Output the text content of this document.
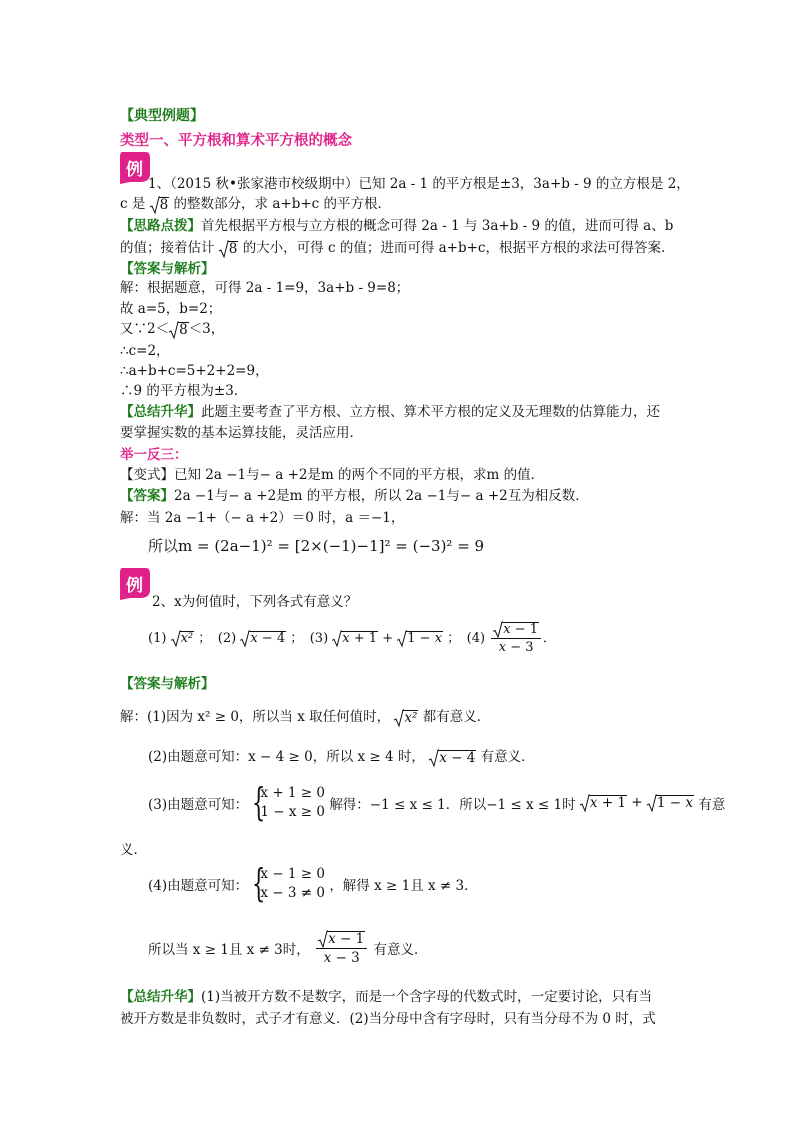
【典型例题】
类型一、平方根和算术平方根的概念
例
1、（2015 秋•张家港市校级期中）已知 2a - 1 的平方根是±3，3a+b - 9 的立方根是 2，
c 是 8 的整数部分，求 a+b+c 的平方根．
【思路点拨】首先根据平方根与立方根的概念可得 2a - 1 与 3a+b - 9 的值，进而可得 a、b
的值；接着估计 8 的大小，可得 c 的值；进而可得 a+b+c，根据平方根的求法可得答案．
【答案与解析】
解：根据题意，可得 2a - 1=9，3a+b - 9=8；
故 a=5，b=2；
又∵2＜ 8＜3，
∴c=2，
∴a+b+c=5+2+2=9，
∴9 的平方根为±3．
【总结升华】此题主要考查了平方根、立方根、算术平方根的定义及无理数的估算能力，还
要掌握实数的基本运算技能，灵活应用．
举一反三：
【变式】已知 2a −1与− a +2是m 的两个不同的平方根，求m 的值．
【答案】2a −1与− a +2是m 的平方根，所以 2a −1与− a +2互为相反数．
解：当 2a −1+（− a +2）＝0 时，a ＝−1，
所以m = (2a−1)² = [2×(−1)−1]² = (−3)² = 9
例
2、x为何值时，下列各式有意义？
(1) x² ；　(2) x − 4 ；　(3) x + 1 +
1 − x ；　$(4) \frac{x - 1}{x - 3}$ ．
【答案与解析】
解：(1)因为 x² ≥ 0，所以当 x 取任何值时， x² 都有意义．
(2)由题意可知：x − 4 ≥ 0，所以 x ≥ 4 时， x − 4 有意义．
(3)由题意可知： {
x + 1 ≥ 0
1 − x ≥ 0 解得：−1 ≤ x ≤ 1．所以−1 ≤ x ≤ 1时 x + 1 +
1 − x 有意
义．
(4)由题意可知： {
x − 1 ≥ 0
x − 3 ≠ 0 ，解得 x ≥ 1且 x ≠ 3．
所以当 x ≥ 1且 x ≠ 3时， $\frac{x - 1}{x - 3}$ 有意义．
【总结升华】(1)当被开方数不是数字，而是一个含字母的代数式时，一定要讨论，只有当
被开方数是非负数时，式子才有意义．(2)当分母中含有字母时，只有当分母不为 0 时，式
